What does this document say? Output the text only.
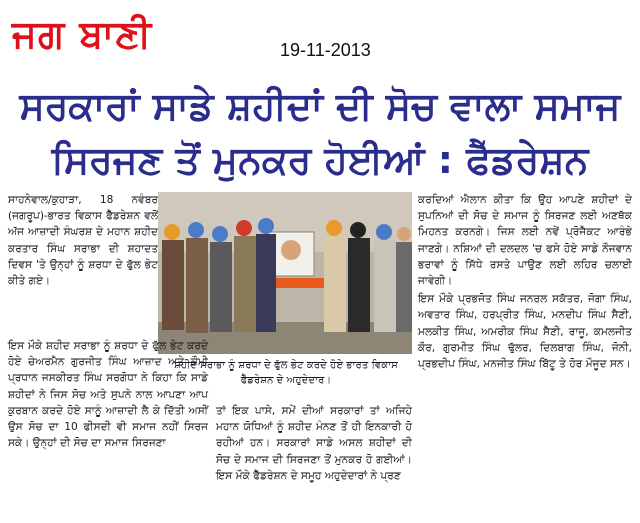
ਜਗ ਬਾਣੀ	19-11-2013
ਸਰਕਾਰਾਂ ਸਾਡੇ ਸ਼ਹੀਦਾਂ ਦੀ ਸੋਚ ਵਾਲਾ ਸਮਾਜ
ਸਿਰਜਣ ਤੋਂ ਮੁਨਕਰ ਹੋਈਆਂ : ਫੈੱਡਰੇਸ਼ਨ

ਸਾਹਨੇਵਾਲ/ਕੁਹਾੜਾ, 18 ਨਵੰਬਰ (ਜਗਰੂਪ)-ਭਾਰਤ ਵਿਕਾਸ ਫੈੱਡਰੇਸ਼ਨ ਵਲੋਂ ਅੱਜ ਆਜ਼ਾਦੀ ਸੰਘਰਸ਼ ਦੇ ਮਹਾਨ ਸ਼ਹੀਦ ਕਰਤਾਰ ਸਿੰਘ ਸਰਾਭਾ ਦੀ ਸ਼ਹਾਦਤ ਦਿਵਸ 'ਤੇ ਉਨ੍ਹਾਂ ਨੂੰ ਸ਼ਰਧਾ ਦੇ ਫੁੱਲ ਭੇਟ ਕੀਤੇ ਗਏ।

ਸ਼ਹੀਦ ਸਰਾਭਾ ਨੂੰ ਸ਼ਰਧਾ ਦੇ ਫੁੱਲ ਭੇਟ ਕਰਦੇ ਹੋਏ ਭਾਰਤ ਵਿਕਾਸ ਫੈੱਡਰੇਸ਼ਨ ਦੇ ਅਹੁਦੇਦਾਰ।

ਇਸ ਮੌਕੇ ਸ਼ਹੀਦ ਸਰਾਭਾ ਨੂੰ ਸ਼ਰਧਾ ਦੇ ਫੁੱਲ ਭੇਟ ਕਰਦੇ ਹੋਏ ਚੇਅਰਮੈਨ ਗੁਰਜੀਤ ਸਿੰਘ ਆਜ਼ਾਦ ਅਤੇ ਕੌਮੀ ਪ੍ਰਧਾਨ ਜਸਕੀਰਤ ਸਿੰਘ ਸਰਗੋਧਾ ਨੇ ਕਿਹਾ ਕਿ ਸਾਡੇ ਸ਼ਹੀਦਾਂ ਨੇ ਜਿਸ ਸੋਚ ਅਤੇ ਸੁਪਨੇ ਨਾਲ ਆਪਣਾ ਆਪ ਕੁਰਬਾਨ ਕਰਦੇ ਹੋਏ ਸਾਨੂੰ ਆਜ਼ਾਦੀ ਲੈ ਕੇ ਦਿੱਤੀ ਅਸੀਂ ਉਸ ਸੋਚ ਦਾ 10 ਫੀਸਦੀ ਵੀ ਸਮਾਜ ਨਹੀਂ ਸਿਰਜ ਸਕੇ। ਉਨ੍ਹਾਂ ਦੀ ਸੋਚ ਦਾ ਸਮਾਜ ਸਿਰਜਣਾ

ਤਾਂ ਇਕ ਪਾਸੇ, ਸਮੇਂ ਦੀਆਂ ਸਰਕਾਰਾਂ ਤਾਂ ਅਜਿਹੇ ਮਹਾਨ ਯੋਧਿਆਂ ਨੂੰ ਸ਼ਹੀਦ ਮੰਨਣ ਤੋਂ ਹੀ ਇਨਕਾਰੀ ਹੋ ਰਹੀਆਂ ਹਨ। ਸਰਕਾਰਾਂ ਸਾਡੇ ਅਸਲ ਸ਼ਹੀਦਾਂ ਦੀ ਸੋਚ ਦੇ ਸਮਾਜ ਦੀ ਸਿਰਜਣਾ ਤੋਂ ਮੁਨਕਰ ਹੋ ਗਈਆਂ। ਇਸ ਮੌਕੇ ਫੈੱਡਰੇਸ਼ਨ ਦੇ ਸਮੂਹ ਅਹੁਦੇਦਾਰਾਂ ਨੇ ਪ੍ਰਣ

ਕਰਦਿਆਂ ਐਲਾਨ ਕੀਤਾ ਕਿ ਉਹ ਆਪਣੇ ਸ਼ਹੀਦਾਂ ਦੇ ਸੁਪਨਿਆਂ ਦੀ ਸੋਚ ਦੇ ਸਮਾਜ ਨੂੰ ਸਿਰਜਣ ਲਈ ਅਣਥੱਕ ਮਿਹਨਤ ਕਰਨਗੇ। ਜਿਸ ਲਈ ਨਵੇਂ ਪ੍ਰੋਜੈਕਟ ਆਰੰਭੇ ਜਾਣਗੇ। ਨਸ਼ਿਆਂ ਦੀ ਦਲਦਲ 'ਚ ਫਸੇ ਹੋਏ ਸਾਡੇ ਨੌਜਵਾਨ ਭਰਾਵਾਂ ਨੂੰ ਸਿੱਧੇ ਰਸਤੇ ਪਾਉਣ ਲਈ ਲਹਿਰ ਚਲਾਈ ਜਾਵੇਗੀ।

ਇਸ ਮੌਕੇ ਪ੍ਰਭਜੋਤ ਸਿੰਘ ਜਨਰਲ ਸਕੱਤਰ, ਜੋਗਾ ਸਿੰਘ, ਅਵਤਾਰ ਸਿੰਘ, ਹਰਪ੍ਰੀਤ ਸਿੰਘ, ਮਨਦੀਪ ਸਿੰਘ ਸੈਣੀ, ਮਲਕੀਤ ਸਿੰਘ, ਅਮਰੀਕ ਸਿੰਘ ਸੈਣੀ, ਰਾਜੂ, ਕਮਲਜੀਤ ਕੌਰ, ਗੁਰਮੀਤ ਸਿੰਘ ਢੁੱਲਰ, ਦਿਲਬਾਗ ਸਿੰਘ, ਜੋਨੀ, ਪ੍ਰਭਦੀਪ ਸਿੰਘ, ਮਨਜੀਤ ਸਿੰਘ ਬਿੱਟੂ ਤੇ ਹੋਰ ਮੌਜੂਦ ਸਨ।
